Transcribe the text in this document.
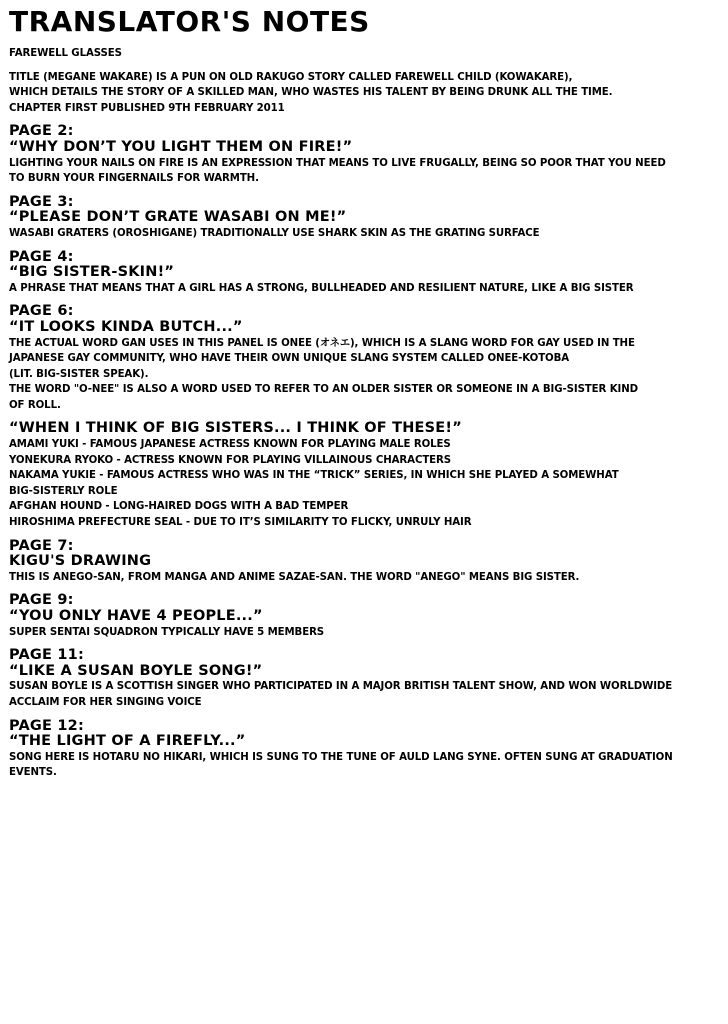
TRANSLATOR'S NOTES
FAREWELL GLASSES
TITLE (MEGANE WAKARE) IS A PUN ON OLD RAKUGO STORY CALLED FAREWELL CHILD (KOWAKARE),
WHICH DETAILS THE STORY OF A SKILLED MAN, WHO WASTES HIS TALENT BY BEING DRUNK ALL THE TIME.
CHAPTER FIRST PUBLISHED 9TH FEBRUARY 2011
PAGE 2:
“WHY DON’T YOU LIGHT THEM ON FIRE!”
LIGHTING YOUR NAILS ON FIRE IS AN EXPRESSION THAT MEANS TO LIVE FRUGALLY, BEING SO POOR THAT YOU NEED
TO BURN YOUR FINGERNAILS FOR WARMTH.
PAGE 3:
“PLEASE DON’T GRATE WASABI ON ME!”
WASABI GRATERS (OROSHIGANE) TRADITIONALLY USE SHARK SKIN AS THE GRATING SURFACE
PAGE 4:
“BIG SISTER-SKIN!”
A PHRASE THAT MEANS THAT A GIRL HAS A STRONG, BULLHEADED AND RESILIENT NATURE, LIKE A BIG SISTER
PAGE 6:
“IT LOOKS KINDA BUTCH...”
THE ACTUAL WORD GAN USES IN THIS PANEL IS ONEE (オネエ), WHICH IS A SLANG WORD FOR GAY USED IN THE
JAPANESE GAY COMMUNITY, WHO HAVE THEIR OWN UNIQUE SLANG SYSTEM CALLED ONEE-KOTOBA
(LIT. BIG-SISTER SPEAK).
THE WORD "O-NEE" IS ALSO A WORD USED TO REFER TO AN OLDER SISTER OR SOMEONE IN A BIG-SISTER KIND
OF ROLL.
“WHEN I THINK OF BIG SISTERS... I THINK OF THESE!”
AMAMI YUKI - FAMOUS JAPANESE ACTRESS KNOWN FOR PLAYING MALE ROLES
YONEKURA RYOKO - ACTRESS KNOWN FOR PLAYING VILLAINOUS CHARACTERS
NAKAMA YUKIE - FAMOUS ACTRESS WHO WAS IN THE “TRICK” SERIES, IN WHICH SHE PLAYED A SOMEWHAT
BIG-SISTERLY ROLE
AFGHAN HOUND - LONG-HAIRED DOGS WITH A BAD TEMPER
HIROSHIMA PREFECTURE SEAL - DUE TO IT’S SIMILARITY TO FLICKY, UNRULY HAIR
PAGE 7:
KIGU'S DRAWING
THIS IS ANEGO-SAN, FROM MANGA AND ANIME SAZAE-SAN. THE WORD "ANEGO" MEANS BIG SISTER.
PAGE 9:
“YOU ONLY HAVE 4 PEOPLE...”
SUPER SENTAI SQUADRON TYPICALLY HAVE 5 MEMBERS
PAGE 11:
“LIKE A SUSAN BOYLE SONG!”
SUSAN BOYLE IS A SCOTTISH SINGER WHO PARTICIPATED IN A MAJOR BRITISH TALENT SHOW, AND WON WORLDWIDE
ACCLAIM FOR HER SINGING VOICE
PAGE 12:
“THE LIGHT OF A FIREFLY...”
SONG HERE IS HOTARU NO HIKARI, WHICH IS SUNG TO THE TUNE OF AULD LANG SYNE. OFTEN SUNG AT GRADUATION
EVENTS.
